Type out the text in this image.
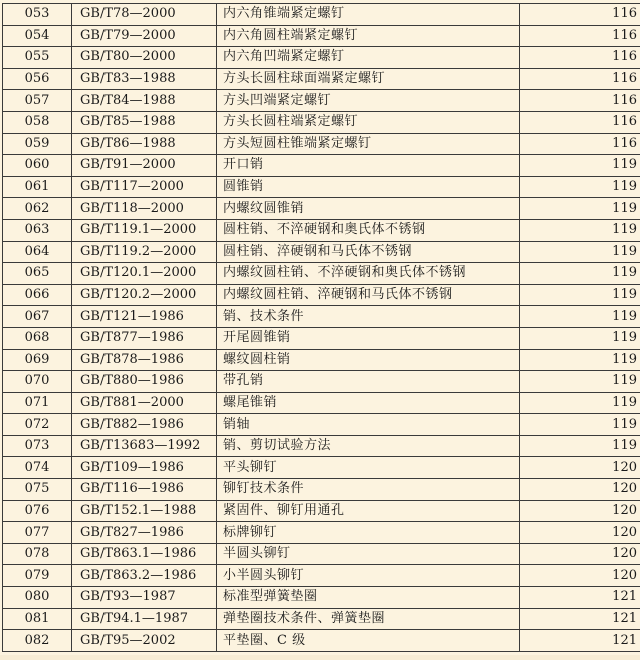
053	GB/T78—2000	内六角锥端紧定螺钉	116
054	GB/T79—2000	内六角圆柱端紧定螺钉	116
055	GB/T80—2000	内六角凹端紧定螺钉	116
056	GB/T83—1988	方头长圆柱球面端紧定螺钉	116
057	GB/T84—1988	方头凹端紧定螺钉	116
058	GB/T85—1988	方头长圆柱端紧定螺钉	116
059	GB/T86—1988	方头短圆柱锥端紧定螺钉	116
060	GB/T91—2000	开口销	119
061	GB/T117—2000	圆锥销	119
062	GB/T118—2000	内螺纹圆锥销	119
063	GB/T119.1—2000	圆柱销、不淬硬钢和奥氏体不锈钢	119
064	GB/T119.2—2000	圆柱销、淬硬钢和马氏体不锈钢	119
065	GB/T120.1—2000	内螺纹圆柱销、不淬硬钢和奥氏体不锈钢	119
066	GB/T120.2—2000	内螺纹圆柱销、淬硬钢和马氏体不锈钢	119
067	GB/T121—1986	销、技术条件	119
068	GB/T877—1986	开尾圆锥销	119
069	GB/T878—1986	螺纹圆柱销	119
070	GB/T880—1986	带孔销	119
071	GB/T881—2000	螺尾锥销	119
072	GB/T882—1986	销轴	119
073	GB/T13683—1992	销、剪切试验方法	119
074	GB/T109—1986	平头铆钉	120
075	GB/T116—1986	铆钉技术条件	120
076	GB/T152.1—1988	紧固件、铆钉用通孔	120
077	GB/T827—1986	标牌铆钉	120
078	GB/T863.1—1986	半圆头铆钉	120
079	GB/T863.2—1986	小半圆头铆钉	120
080	GB/T93—1987	标准型弹簧垫圈	121
081	GB/T94.1—1987	弹垫圈技术条件、弹簧垫圈	121
082	GB/T95—2002	平垫圈、C 级	121
